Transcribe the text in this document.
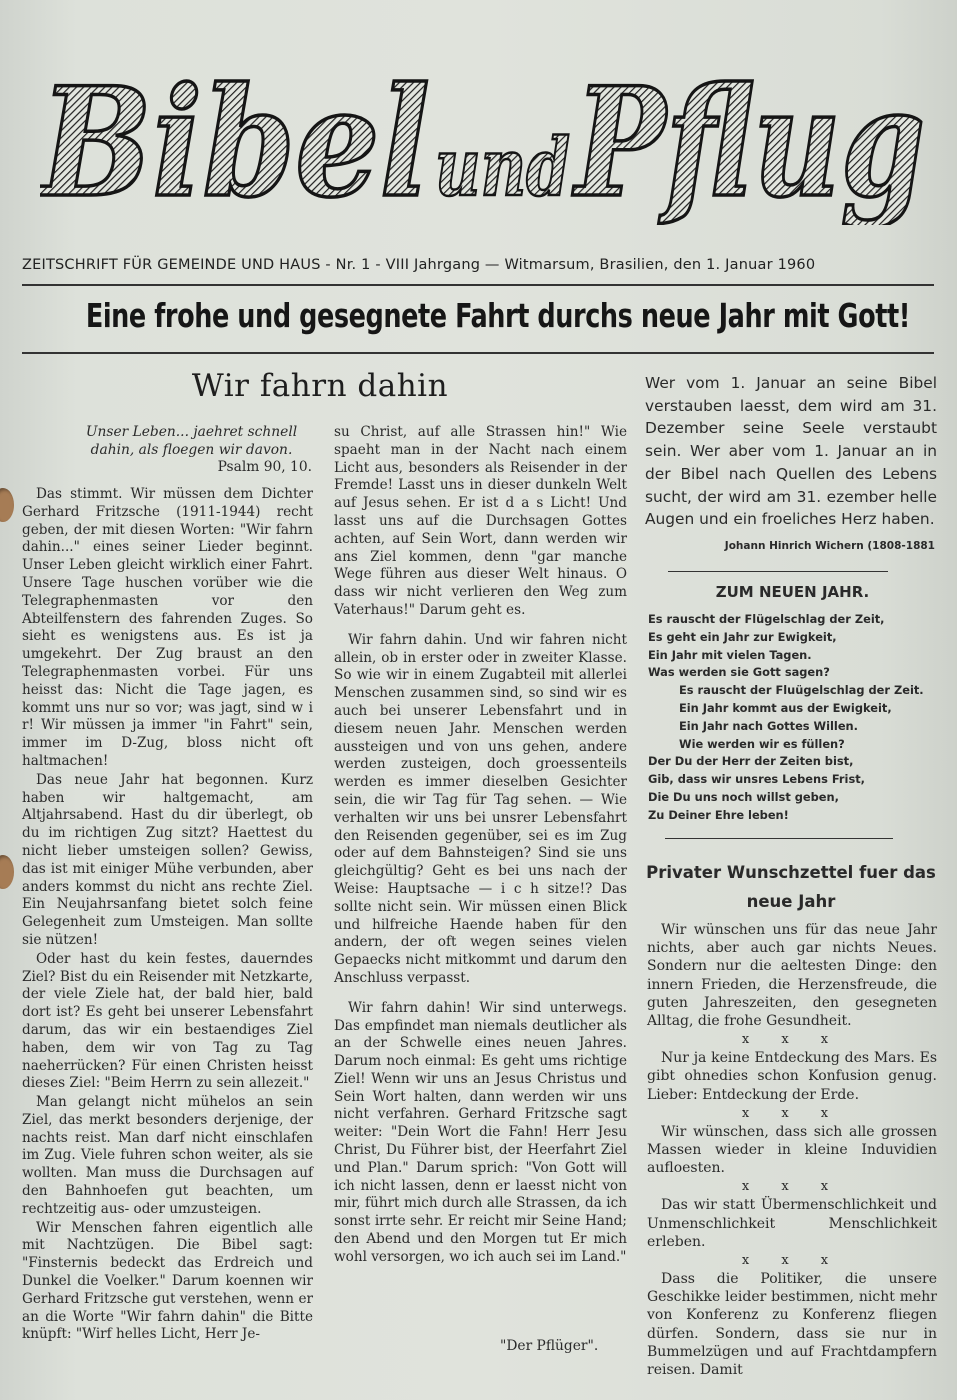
Bibel und Pflug
ZEITSCHRIFT FÜR GEMEINDE UND HAUS - Nr. 1 - VIII Jahrgang — Witmarsum, Brasilien, den 1. Januar 1960
Eine frohe und gesegnete Fahrt durchs neue Jahr mit Gott!
Wir fahrn dahin
Unser Leben... jaehret schnell dahin, als floegen wir davon.
Psalm 90, 10.

Das stimmt. Wir müssen dem Dichter Gerhard Fritzsche (1911-1944) recht geben, der mit diesen Worten: "Wir fahrn dahin..." eines seiner Lieder beginnt. Unser Leben gleicht wirklich einer Fahrt. Unsere Tage huschen vorüber wie die Telegraphenmasten vor den Abteilfenstern des fahrenden Zuges. So sieht es wenigstens aus. Es ist ja umgekehrt. Der Zug braust an den Telegraphenmasten vorbei. Für uns heisst das: Nicht die Tage jagen, es kommt uns nur so vor; was jagt, sind w i r! Wir müssen ja immer "in Fahrt" sein, immer im D-Zug, bloss nicht oft haltmachen!

Das neue Jahr hat begonnen. Kurz haben wir haltgemacht, am Altjahrsabend. Hast du dir überlegt, ob du im richtigen Zug sitzt? Haettest du nicht lieber umsteigen sollen? Gewiss, das ist mit einiger Mühe verbunden, aber anders kommst du nicht ans rechte Ziel. Ein Neujahrsanfang bietet solch feine Gelegenheit zum Umsteigen. Man sollte sie nützen!

Oder hast du kein festes, dauerndes Ziel? Bist du ein Reisender mit Netzkarte, der viele Ziele hat, der bald hier, bald dort ist? Es geht bei unserer Lebensfahrt darum, das wir ein bestaendiges Ziel haben, dem wir von Tag zu Tag naeherrücken? Für einen Christen heisst dieses Ziel: "Beim Herrn zu sein allezeit."

Man gelangt nicht mühelos an sein Ziel, das merkt besonders derjenige, der nachts reist. Man darf nicht einschlafen im Zug. Viele fuhren schon weiter, als sie wollten. Man muss die Durchsagen auf den Bahnhoefen gut beachten, um rechtzeitig aus- oder umzusteigen.

Wir Menschen fahren eigentlich alle mit Nachtzügen. Die Bibel sagt: "Finsternis bedeckt das Erdreich und Dunkel die Voelker." Darum koennen wir Gerhard Fritzsche gut verstehen, wenn er an die Worte "Wir fahrn dahin" die Bitte knüpft: "Wirf helles Licht, Herr Je-

su Christ, auf alle Strassen hin!" Wie spaeht man in der Nacht nach einem Licht aus, besonders als Reisender in der Fremde! Lasst uns in dieser dunkeln Welt auf Jesus sehen. Er ist d a s Licht! Und lasst uns auf die Durchsagen Gottes achten, auf Sein Wort, dann werden wir ans Ziel kommen, denn "gar manche Wege führen aus dieser Welt hinaus. O dass wir nicht verlieren den Weg zum Vaterhaus!" Darum geht es.

Wir fahrn dahin. Und wir fahren nicht allein, ob in erster oder in zweiter Klasse. So wie wir in einem Zugabteil mit allerlei Menschen zusammen sind, so sind wir es auch bei unserer Lebensfahrt und in diesem neuen Jahr. Menschen werden aussteigen und von uns gehen, andere werden zusteigen, doch groessenteils werden es immer dieselben Gesichter sein, die wir Tag für Tag sehen. — Wie verhalten wir uns bei unsrer Lebensfahrt den Reisenden gegenüber, sei es im Zug oder auf dem Bahnsteigen? Sind sie uns gleichgültig? Geht es bei uns nach der Weise: Hauptsache — i c h sitze!? Das sollte nicht sein. Wir müssen einen Blick und hilfreiche Haende haben für den andern, der oft wegen seines vielen Gepaecks nicht mitkommt und darum den Anschluss verpasst.

Wir fahrn dahin! Wir sind unterwegs. Das empfindet man niemals deutlicher als an der Schwelle eines neuen Jahres. Darum noch einmal: Es geht ums richtige Ziel! Wenn wir uns an Jesus Christus und Sein Wort halten, dann werden wir uns nicht verfahren. Gerhard Fritzsche sagt weiter: "Dein Wort die Fahn! Herr Jesu Christ, Du Führer bist, der Heerfahrt Ziel und Plan." Darum sprich: "Von Gott will ich nicht lassen, denn er laesst nicht von mir, führt mich durch alle Strassen, da ich sonst irrte sehr. Er reicht mir Seine Hand; den Abend und den Morgen tut Er mich wohl versorgen, wo ich auch sei im Land."

"Der Pflüger".
Wer vom 1. Januar an seine Bibel verstauben laesst, dem wird am 31. Dezember seine Seele verstaubt sein. Wer aber vom 1. Januar an in der Bibel nach Quellen des Lebens sucht, der wird am 31. ezember helle Augen und ein froeliches Herz haben.
Johann Hinrich Wichern (1808-1881
ZUM NEUEN JAHR.
Es rauscht der Flügelschlag der Zeit,
Es geht ein Jahr zur Ewigkeit,
Ein Jahr mit vielen Tagen.
Was werden sie Gott sagen?
Es rauscht der Fluügelschlag der Zeit.
Ein Jahr kommt aus der Ewigkeit,
Ein Jahr nach Gottes Willen.
Wie werden wir es füllen?
Der Du der Herr der Zeiten bist,
Gib, dass wir unsres Lebens Frist,
Die Du uns noch willst geben,
Zu Deiner Ehre leben!
Privater Wunschzettel fuer das neue Jahr

Wir wünschen uns für das neue Jahr nichts, aber auch gar nichts Neues. Sondern nur die aeltesten Dinge: den innern Frieden, die Herzensfreude, die guten Jahreszeiten, den gesegneten Alltag, die frohe Gesundheit.

x x x

Nur ja keine Entdeckung des Mars. Es gibt ohnedies schon Konfusion genug. Lieber: Entdeckung der Erde.

x x x

Wir wünschen, dass sich alle grossen Massen wieder in kleine Induvidien aufloesten.

x x x

Das wir statt Übermenschlichkeit und Unmenschlichkeit Menschlichkeit erleben.

x x x

Dass die Politiker, die unsere Geschikke leider bestimmen, nicht mehr von Konferenz zu Konferenz fliegen dürfen. Sondern, dass sie nur in Bummelzügen und auf Frachtdampfern reisen. Damit
